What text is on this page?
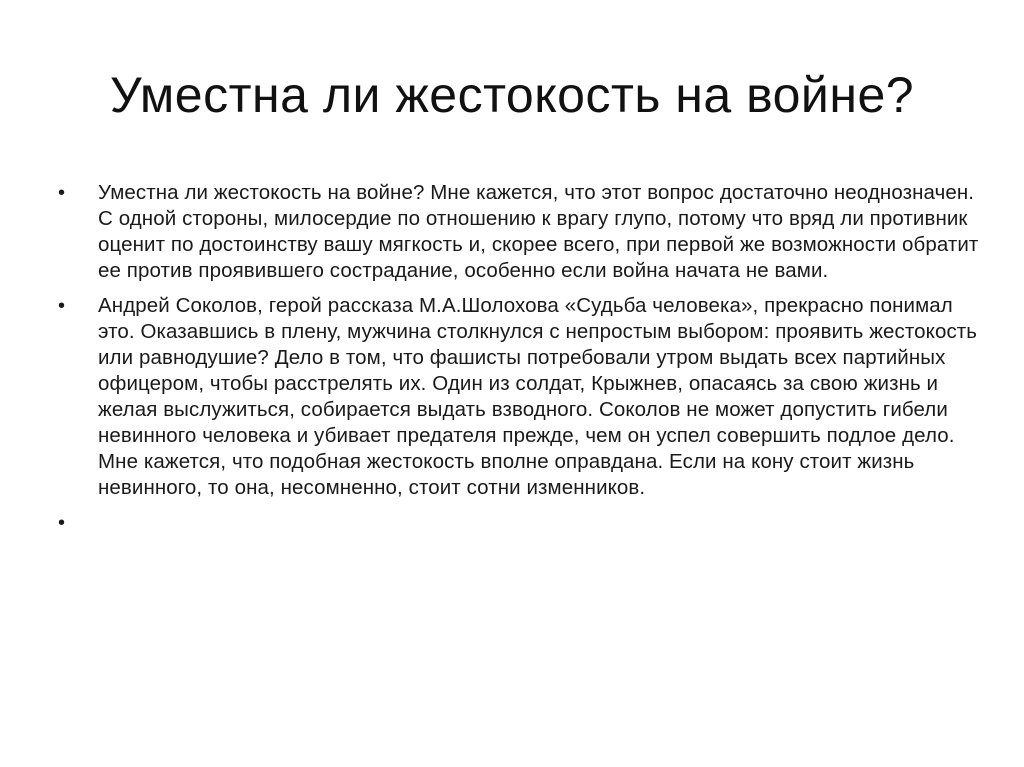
Уместна ли жестокость на войне?
•	Уместна ли жестокость на войне? Мне кажется, что этот вопрос достаточно неоднозначен. С одной стороны, милосердие по отношению к врагу глупо, потому что вряд ли противник оценит по достоинству вашу мягкость и, скорее всего, при первой же возможности обратит ее против проявившего сострадание, особенно если война начата не вами.
•	Андрей Соколов, герой рассказа М.А.Шолохова «Судьба человека», прекрасно понимал это. Оказавшись в плену, мужчина столкнулся с непростым выбором: проявить жестокость или равнодушие? Дело в том, что фашисты потребовали утром выдать всех партийных офицером, чтобы расстрелять их. Один из солдат, Крыжнев, опасаясь за свою жизнь и желая выслужиться, собирается выдать взводного. Соколов не может допустить гибели невинного человека и убивает предателя прежде, чем он успел совершить подлое дело. Мне кажется, что подобная жестокость вполне оправдана. Если на кону стоит жизнь невинного, то она, несомненно, стоит сотни изменников.
•
